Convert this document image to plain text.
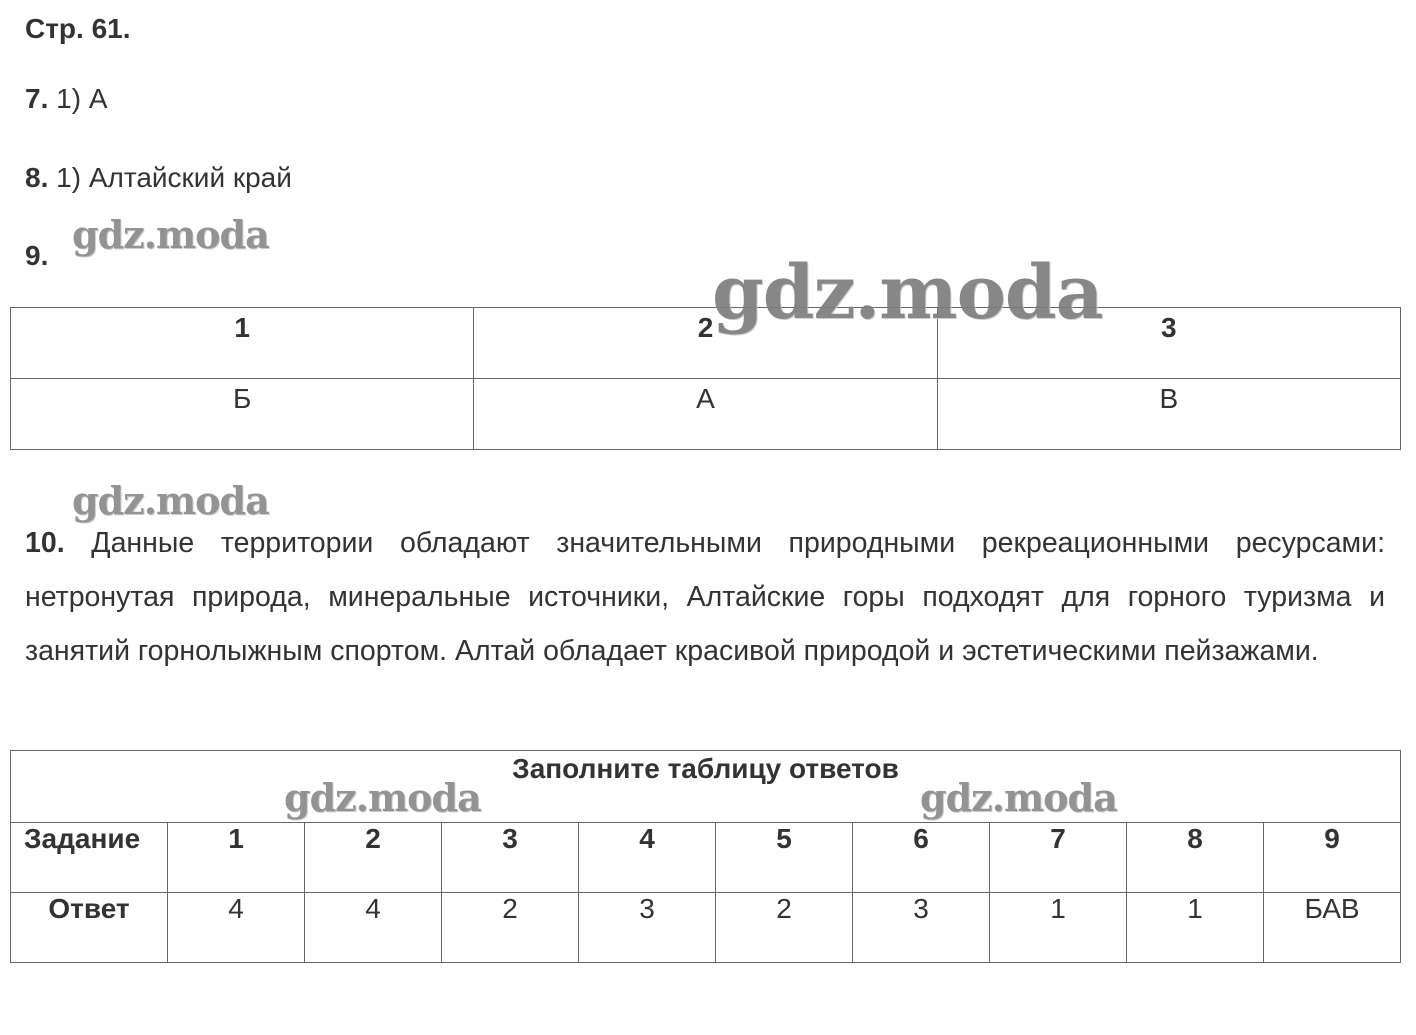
Стр. 61.
7. 1) А
8. 1) Алтайский край
9.
1	2	3

Б	А	В
10. Данные территории обладают значительными природными рекреационными ресурсами: нетронутая природа, минеральные источники, Алтайские горы подходят для горного туризма и занятий горнолыжным спортом. Алтай обладает красивой природой и эстетическими пейзажами.
Заполните таблицу ответов									

Задание	1	2	3	4	5	6	7	8	9

Ответ	4	4	2	3	2	3	1	1	БАВ
gdz.moda
gdz.moda
gdz.moda
gdz.moda	gdz.moda
